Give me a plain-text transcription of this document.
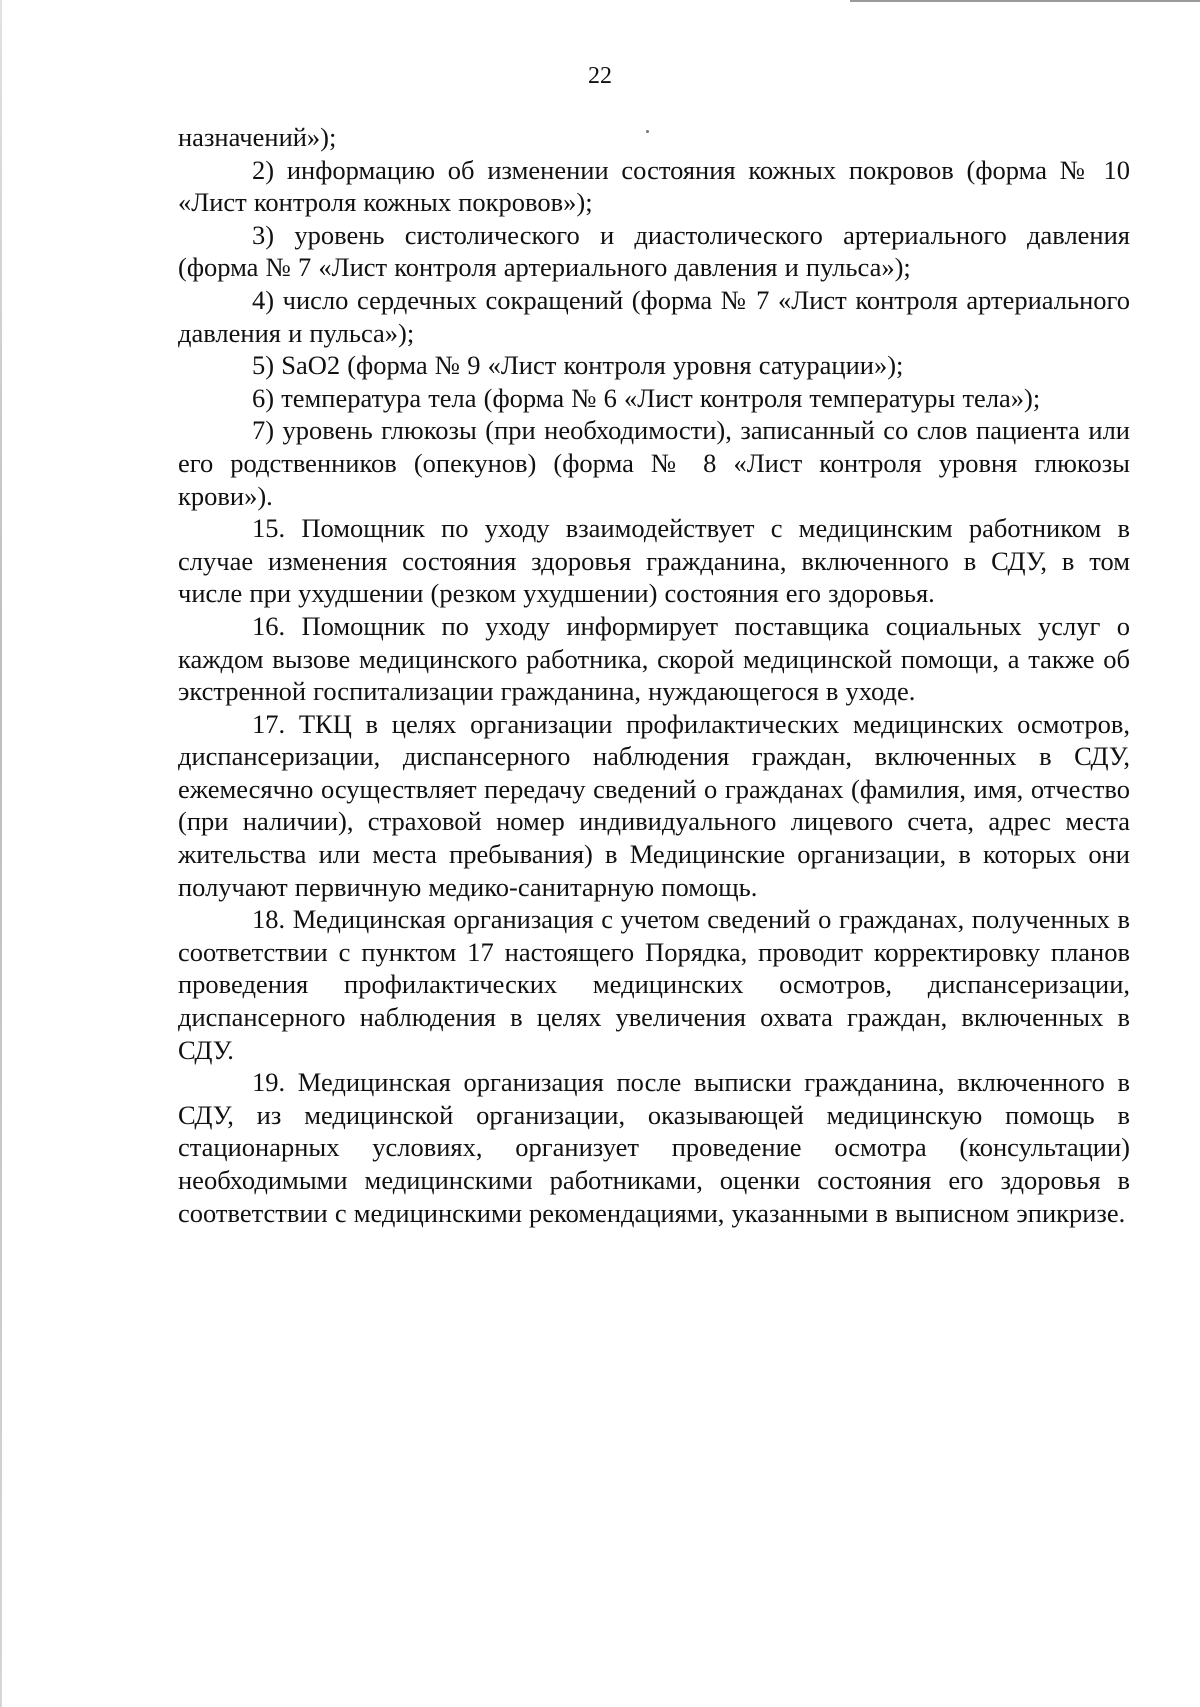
22

назначений»);

2) информацию об изменении состояния кожных покровов (форма № 10 «Лист контроля кожных покровов»);

3) уровень систолического и диастолического артериального давления (форма № 7 «Лист контроля артериального давления и пульса»);

4) число сердечных сокращений (форма № 7 «Лист контроля артериального давления и пульса»);

5) SaO2 (форма № 9 «Лист контроля уровня сатурации»);

6) температура тела (форма № 6 «Лист контроля температуры тела»);

7) уровень глюкозы (при необходимости), записанный со слов пациента или его родственников (опекунов) (форма № 8 «Лист контроля уровня глюкозы крови»).

15. Помощник по уходу взаимодействует с медицинским работником в случае изменения состояния здоровья гражданина, включенного в СДУ, в том числе при ухудшении (резком ухудшении) состояния его здоровья.

16. Помощник по уходу информирует поставщика социальных услуг о каждом вызове медицинского работника, скорой медицинской помощи, а также об экстренной госпитализации гражданина, нуждающегося в уходе.

17. ТКЦ в целях организации профилактических медицинских осмотров, диспансеризации, диспансерного наблюдения граждан, включенных в СДУ, ежемесячно осуществляет передачу сведений о гражданах (фамилия, имя, отчество (при наличии), страховой номер индивидуального лицевого счета, адрес места жительства или места пребывания) в Медицинские организации, в которых они получают первичную медико-санитарную помощь.

18. Медицинская организация с учетом сведений о гражданах, полученных в соответствии с пунктом 17 настоящего Порядка, проводит корректировку планов проведения профилактических медицинских осмотров, диспансеризации, диспансерного наблюдения в целях увеличения охвата граждан, включенных в СДУ.

19. Медицинская организация после выписки гражданина, включенного в СДУ, из медицинской организации, оказывающей медицинскую помощь в стационарных условиях, организует проведение осмотра (консультации) необходимыми медицинскими работниками, оценки состояния его здоровья в соответствии с медицинскими рекомендациями, указанными в выписном эпикризе.
